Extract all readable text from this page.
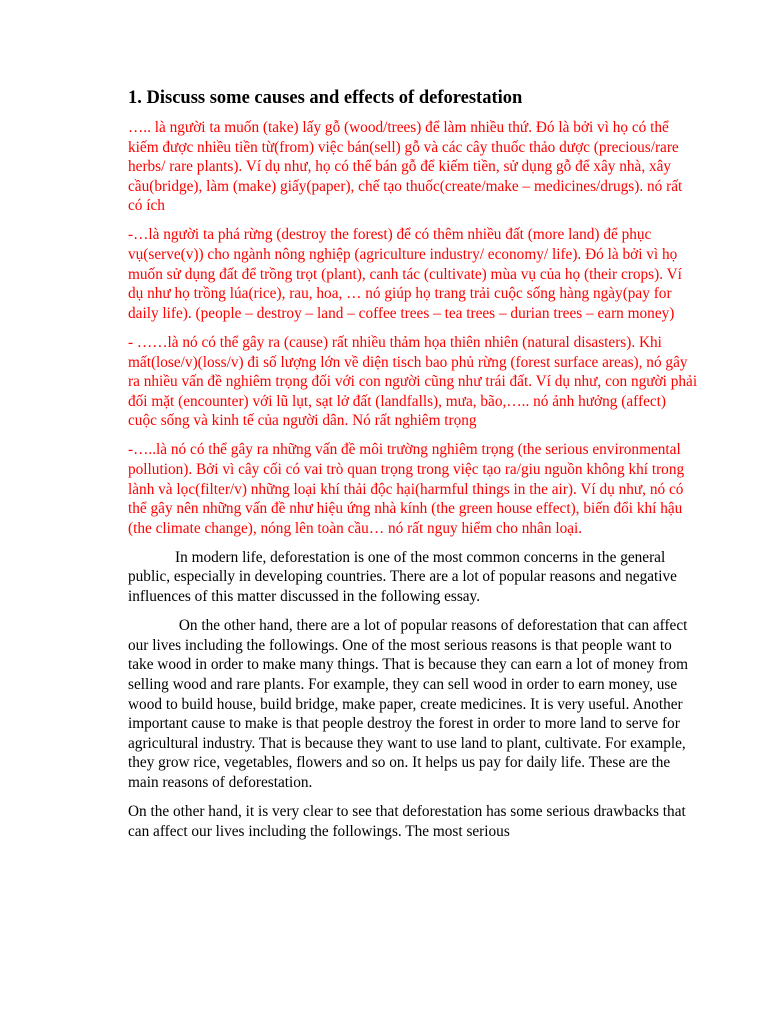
1. Discuss some causes and effects of deforestation
….. là người ta muốn (take) lấy gỗ (wood/trees) để làm nhiều thứ. Đó là bởi vì họ có thể kiếm được nhiều tiền từ(from) việc bán(sell) gỗ và các cây thuốc thảo dược (precious/rare herbs/ rare plants). Ví dụ như, họ có thể bán gỗ để kiếm tiền, sử dụng gỗ để xây nhà, xây cầu(bridge), làm (make) giấy(paper), chế tạo thuốc(create/make – medicines/drugs). nó rất có ích
-…là người ta phá rừng (destroy the forest) để có thêm nhiều đất (more land) để phục vụ(serve(v)) cho ngành nông nghiệp (agriculture industry/ economy/ life). Đó là bởi vì họ muốn sử dụng đất để trồng trọt (plant), canh tác (cultivate) mùa vụ của họ (their crops). Ví dụ như họ trồng lúa(rice), rau, hoa, … nó giúp họ trang trải cuộc sống hàng ngày(pay for daily life). (people – destroy – land – coffee trees – tea trees – durian trees – earn money)
- ……là nó có thể gây ra (cause) rất nhiều thảm họa thiên nhiên (natural disasters). Khi mất(lose/v)(loss/v) đi số lượng lớn về diện tisch bao phủ rừng (forest surface areas), nó gây ra nhiều vấn đề nghiêm trọng đối với con người cũng như trái đất. Ví dụ như, con người phải đối mặt (encounter) với lũ lụt, sạt lở đất (landfalls), mưa, bão,….. nó ảnh hưởng (affect) cuộc sống và kinh tế của người dân. Nó rất nghiêm trọng
-…..là nó có thể gây ra những vấn đề môi trường nghiêm trọng (the serious environmental pollution). Bởi vì cây cối có vai trò quan trọng trong việc tạo ra/giu nguồn không khí trong lành và lọc(filter/v) những loại khí thải độc hại(harmful things in the air). Ví dụ như, nó có thể gây nên những vấn đề như hiệu ứng nhà kính (the green house effect), biến đổi khí hậu (the climate change), nóng lên toàn cầu… nó rất nguy hiểm cho nhân loại.
In modern life, deforestation is one of the most common concerns in the general public, especially in developing countries. There are a lot of popular reasons and negative influences of this matter discussed in the following essay.
On the other hand, there are a lot of popular reasons of deforestation that can affect our lives including the followings. One of the most serious reasons is that people want to take wood in order to make many things. That is because they can earn a lot of money from selling wood and rare plants. For example, they can sell wood in order to earn money, use wood to build house, build bridge, make paper, create medicines. It is very useful. Another important cause to make is that people destroy the forest in order to more land to serve for agricultural industry. That is because they want to use land to plant, cultivate. For example, they grow rice, vegetables, flowers and so on. It helps us pay for daily life. These are the main reasons of deforestation.
On the other hand, it is very clear to see that deforestation has some serious drawbacks that can affect our lives including the followings. The most serious
